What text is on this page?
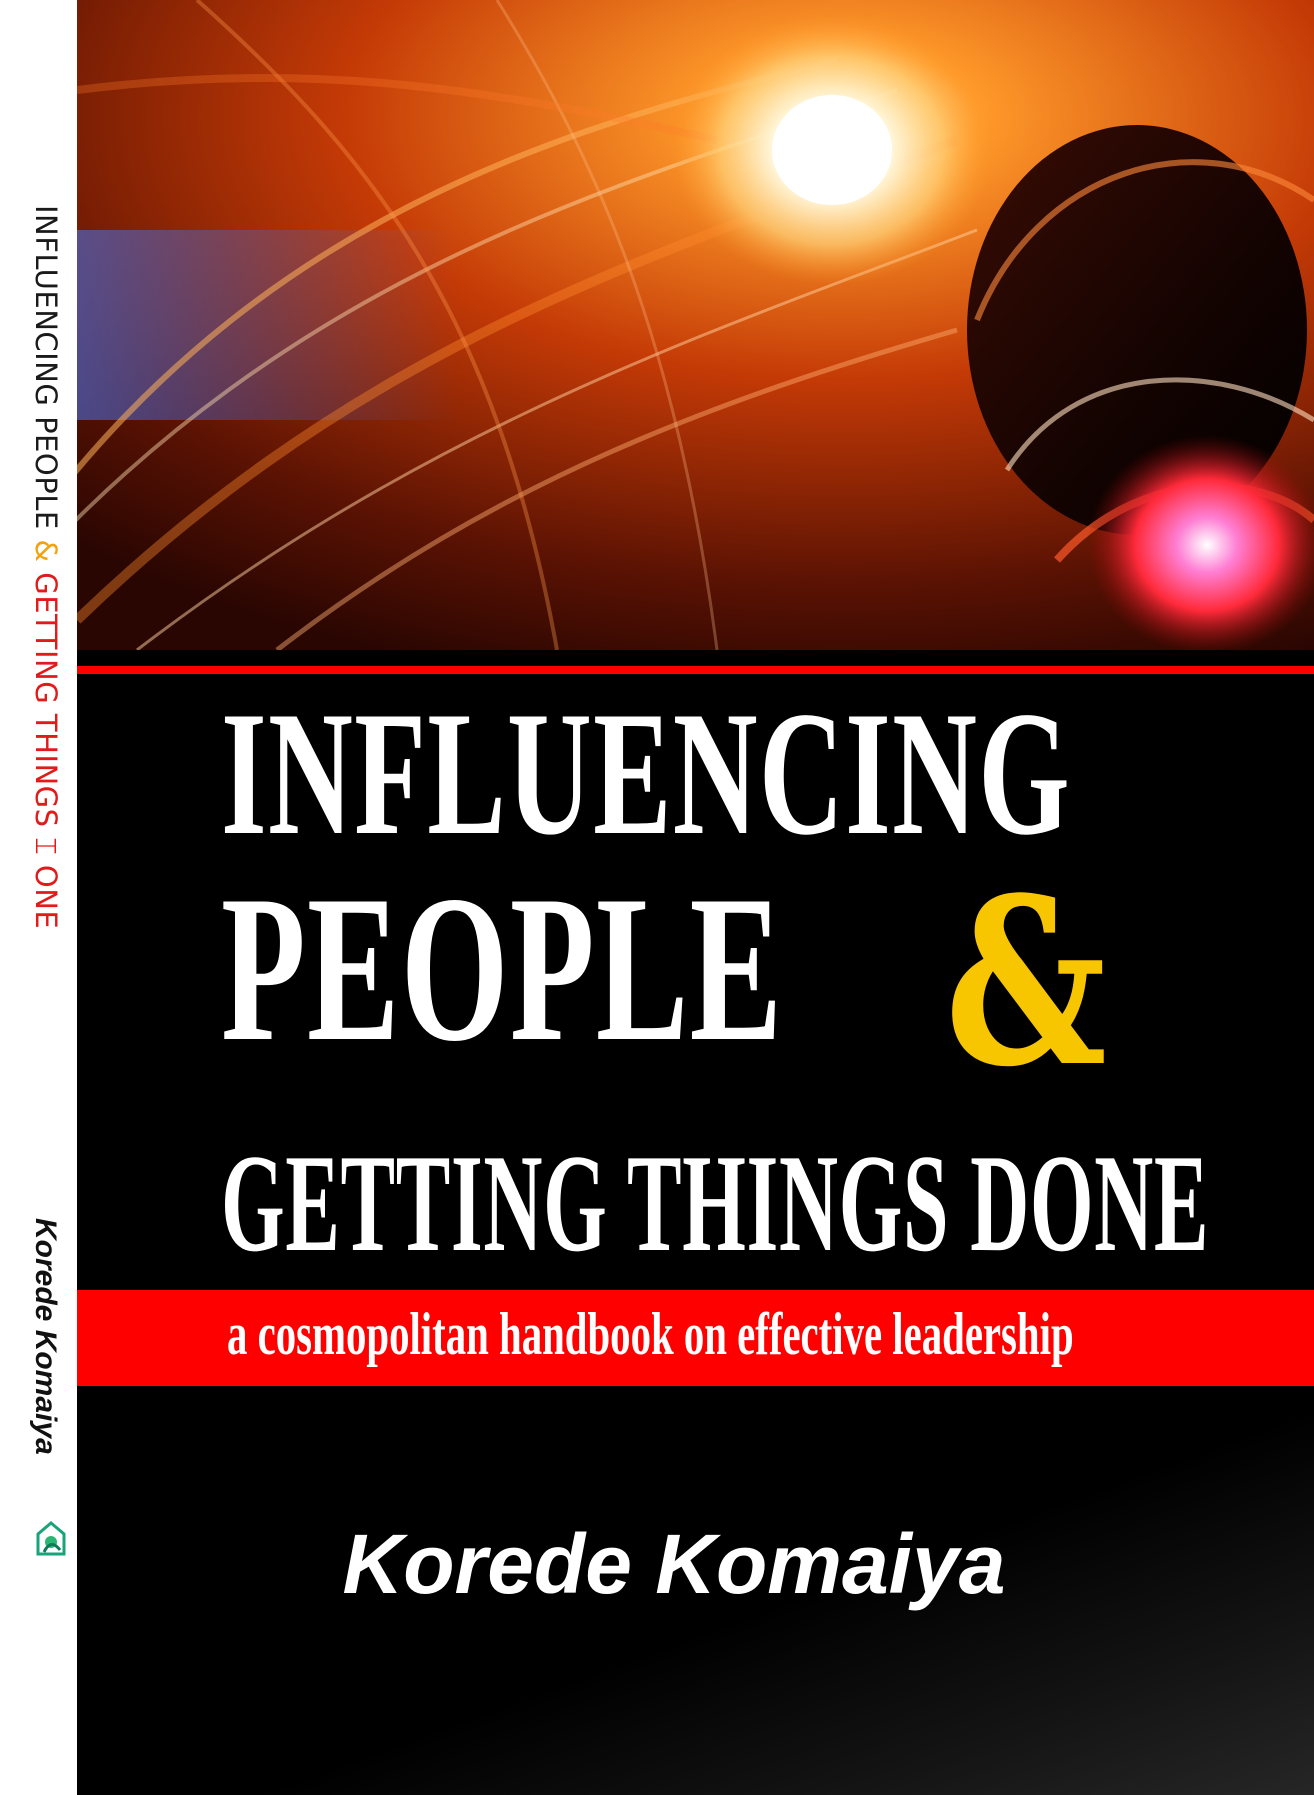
INFLUENCING PEOPLE & GETTING THINGS ⌶ ONE
Korede Komaiya
INFLUENCING
PEOPLE &
GETTING THINGS DONE
a cosmopolitan handbook on effective leadership
Korede Komaiya
